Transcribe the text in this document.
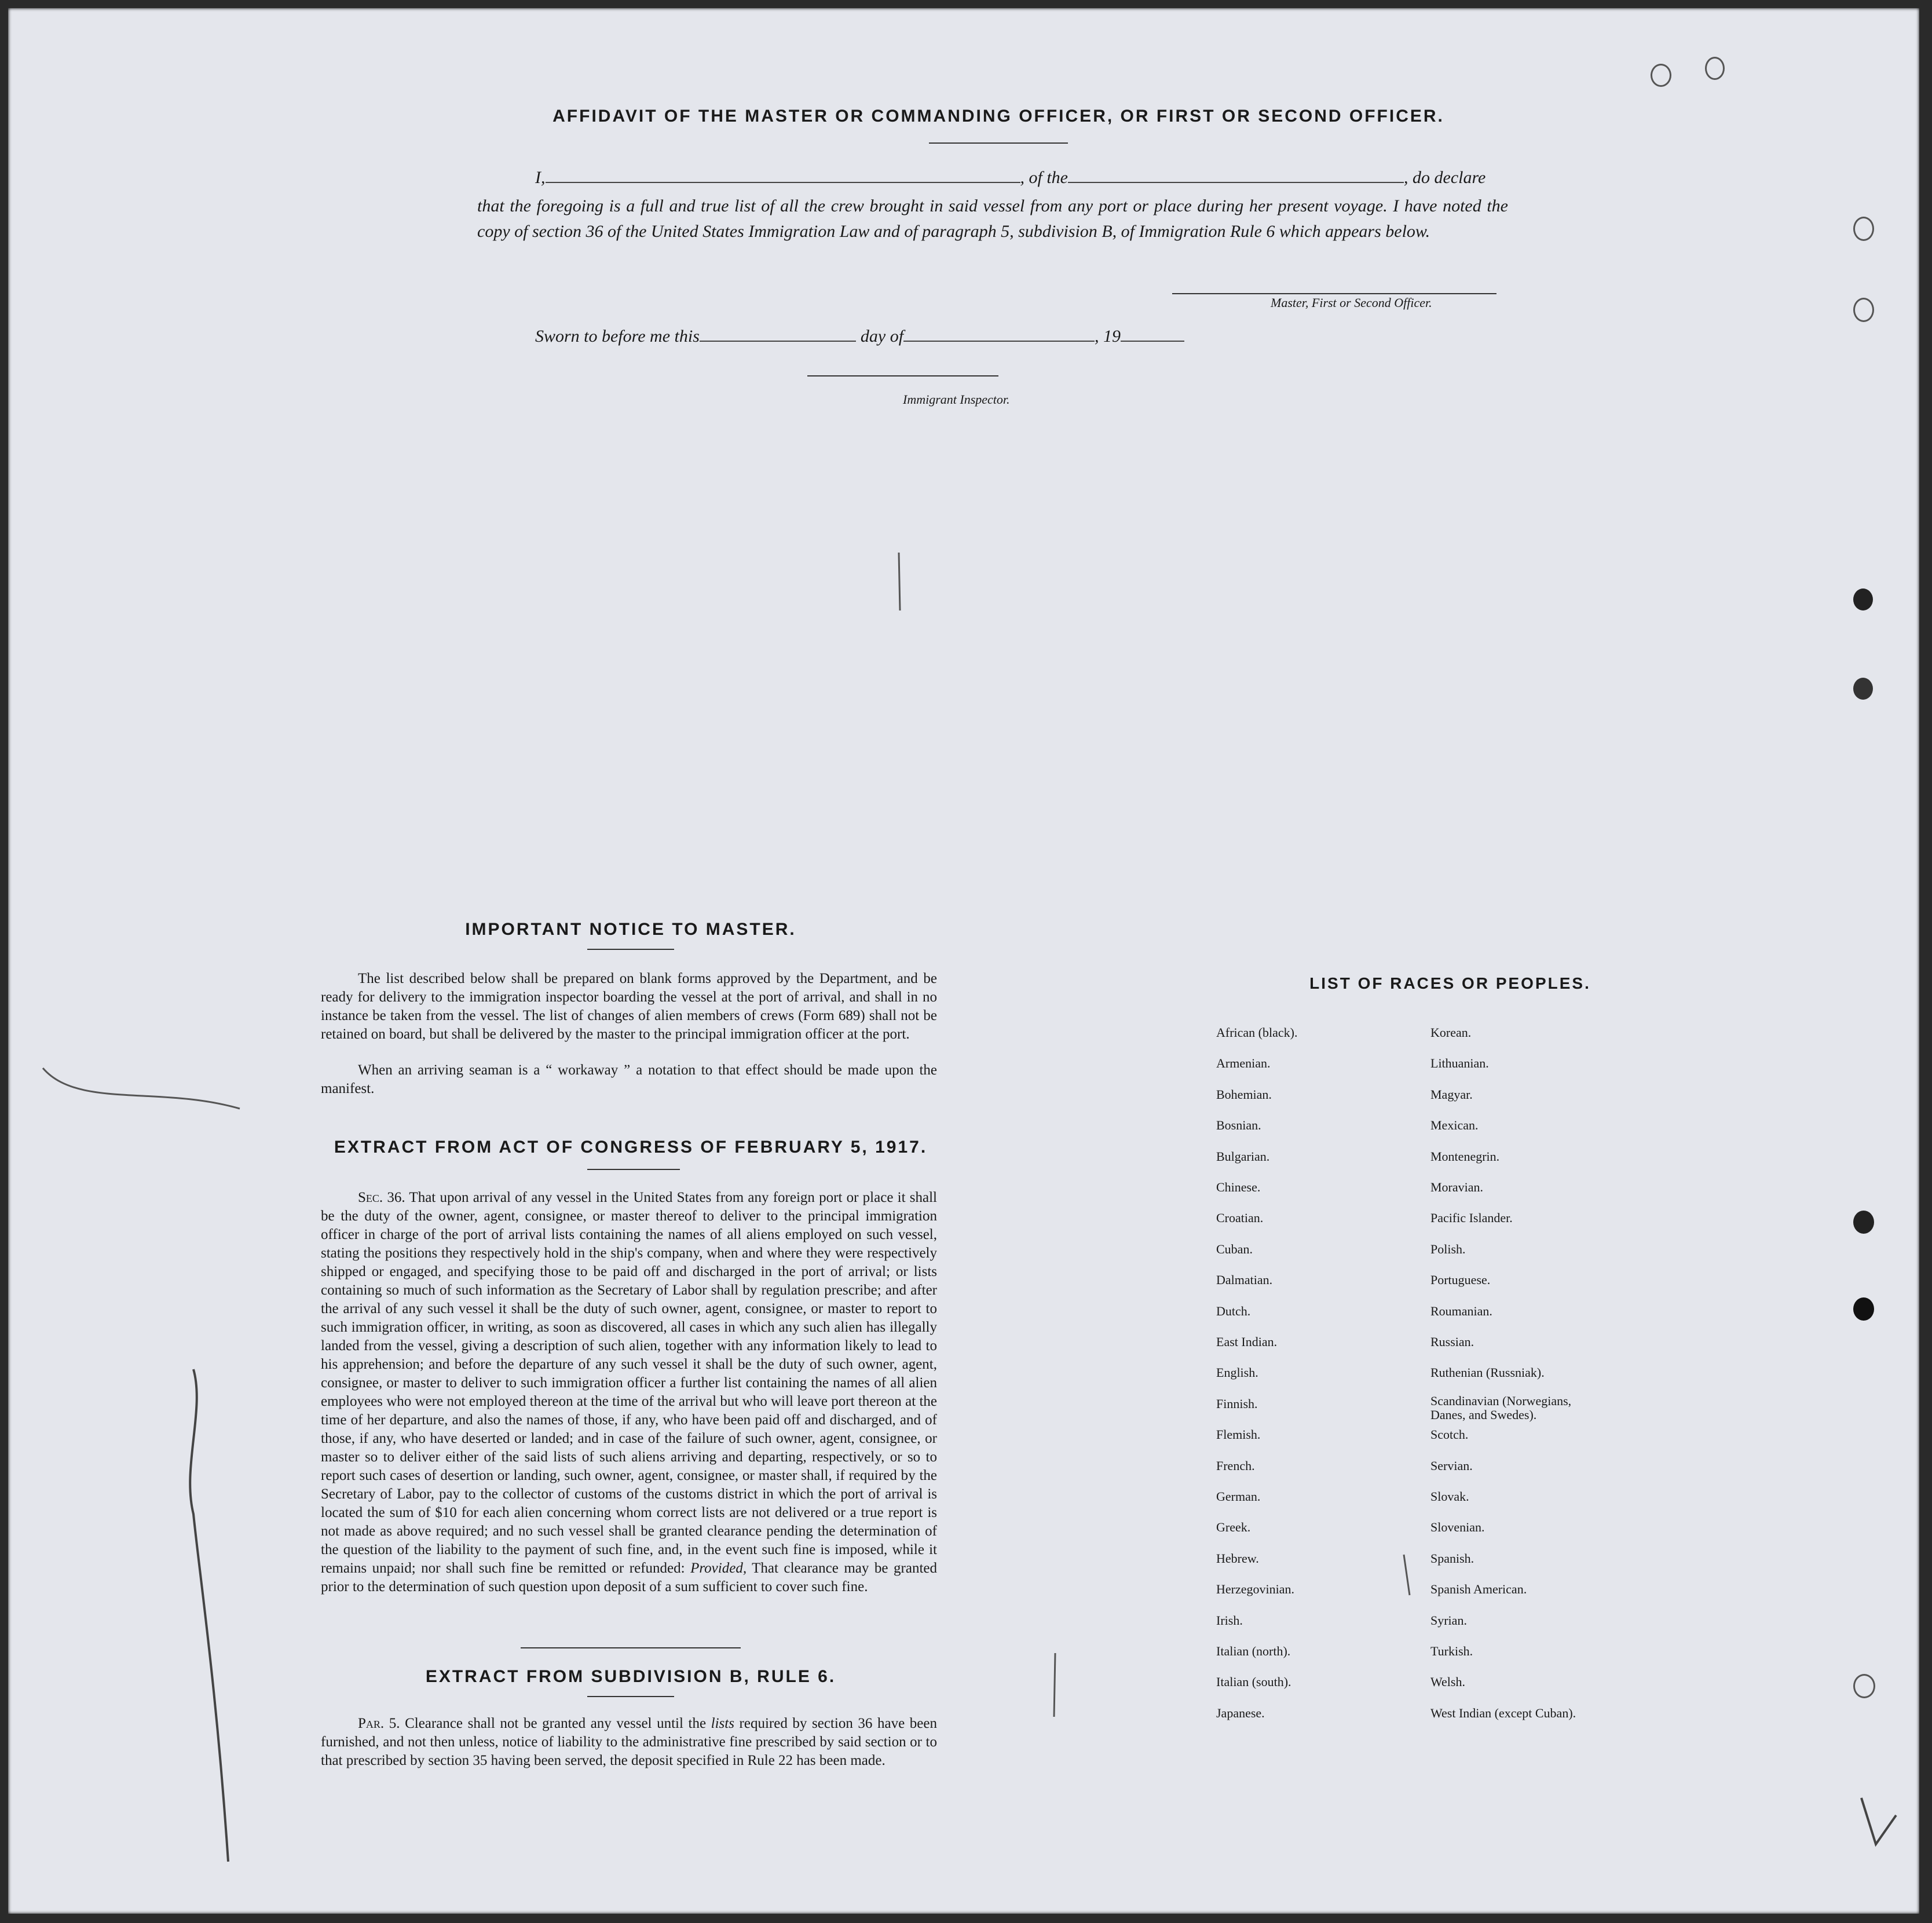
AFFIDAVIT OF THE MASTER OR COMMANDING OFFICER, OR FIRST OR SECOND OFFICER.
I,	, of the	, do declare
that the foregoing is a full and true list of all the crew brought in said vessel from any port or place during her present voyage. I have noted the copy of section 36 of the United States Immigration Law and of paragraph 5, subdivision B, of Immigration Rule 6 which appears below.
Master, First or Second Officer.
Sworn to before me this	day of	, 19
Immigrant Inspector.
IMPORTANT NOTICE TO MASTER.
The list described below shall be prepared on blank forms approved by the Department, and be ready for delivery to the immigration inspector boarding the vessel at the port of arrival, and shall in no instance be taken from the vessel. The list of changes of alien members of crews (Form 689) shall not be retained on board, but shall be delivered by the master to the principal immigration officer at the port.
When an arriving seaman is a “ workaway ” a notation to that effect should be made upon the manifest.
EXTRACT FROM ACT OF CONGRESS OF FEBRUARY 5, 1917.
Sec. 36. That upon arrival of any vessel in the United States from any foreign port or place it shall be the duty of the owner, agent, consignee, or master thereof to deliver to the principal immigration officer in charge of the port of arrival lists containing the names of all aliens employed on such vessel, stating the positions they respectively hold in the ship's company, when and where they were respectively shipped or engaged, and specifying those to be paid off and discharged in the port of arrival; or lists containing so much of such information as the Secretary of Labor shall by regulation prescribe; and after the arrival of any such vessel it shall be the duty of such owner, agent, consignee, or master to report to such immigration officer, in writing, as soon as discovered, all cases in which any such alien has illegally landed from the vessel, giving a description of such alien, together with any information likely to lead to his apprehension; and before the departure of any such vessel it shall be the duty of such owner, agent, consignee, or master to deliver to such immigration officer a further list containing the names of all alien employees who were not employed thereon at the time of the arrival but who will leave port thereon at the time of her departure, and also the names of those, if any, who have been paid off and discharged, and of those, if any, who have deserted or landed; and in case of the failure of such owner, agent, consignee, or master so to deliver either of the said lists of such aliens arriving and departing, respectively, or so to report such cases of desertion or landing, such owner, agent, consignee, or master shall, if required by the Secretary of Labor, pay to the collector of customs of the customs district in which the port of arrival is located the sum of $10 for each alien concerning whom correct lists are not delivered or a true report is not made as above required; and no such vessel shall be granted clearance pending the determination of the question of the liability to the payment of such fine, and, in the event such fine is imposed, while it remains unpaid; nor shall such fine be remitted or refunded: Provided, That clearance may be granted prior to the determination of such question upon deposit of a sum sufficient to cover such fine.
EXTRACT FROM SUBDIVISION B, RULE 6.
Par. 5. Clearance shall not be granted any vessel until the lists required by section 36 have been furnished, and not then unless, notice of liability to the administrative fine prescribed by said section or to that prescribed by section 35 having been served, the deposit specified in Rule 22 has been made.
LIST OF RACES OR PEOPLES.
African (black).
Armenian.
Bohemian.
Bosnian.
Bulgarian.
Chinese.
Croatian.
Cuban.
Dalmatian.
Dutch.
East Indian.
English.
Finnish.
Flemish.
French.
German.
Greek.
Hebrew.
Herzegovinian.
Irish.
Italian (north).
Italian (south).
Japanese.
Korean.
Lithuanian.
Magyar.
Mexican.
Montenegrin.
Moravian.
Pacific Islander.
Polish.
Portuguese.
Roumanian.
Russian.
Ruthenian (Russniak).
Scandinavian (Norwegians, Danes, and Swedes).
Scotch.
Servian.
Slovak.
Slovenian.
Spanish.
Spanish American.
Syrian.
Turkish.
Welsh.
West Indian (except Cuban).
